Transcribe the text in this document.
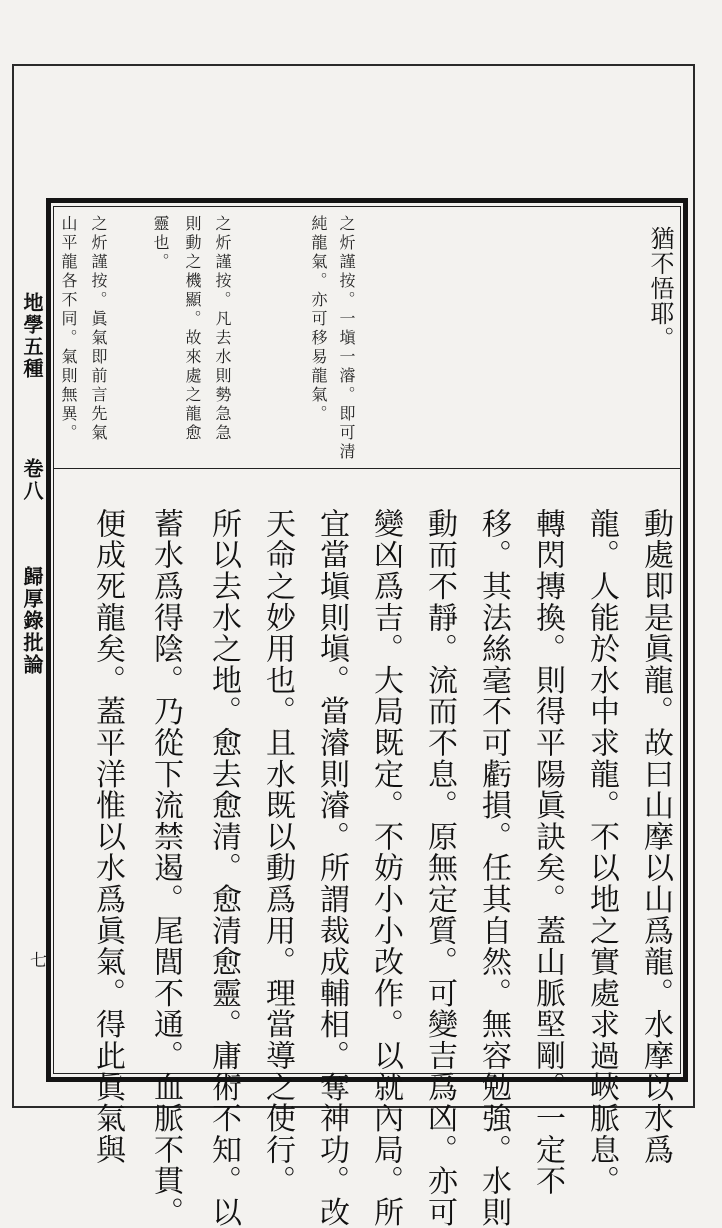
地學五種
卷八
歸厚錄批論
七
猶不悟耶。
之炘謹按。一塡一濬。即可清
純龍氣。亦可移易龍氣。
之炘謹按。凡去水則勢急急
則動之機顯。故來處之龍愈
靈也。
之炘謹按。眞氣即前言先氣
山平龍各不同。氣則無異。
動處即是眞龍。故曰山摩以山爲龍。水摩以水爲
龍。人能於水中求龍。不以地之實處求過峽脈息。
轉閃摶換。則得平陽眞訣矣。蓋山脈堅剛。一定不
移。其法絲毫不可虧損。任其自然。無容勉強。水則
動而不靜。流而不息。原無定質。可變吉爲凶。亦可
變凶爲吉。大局既定。不妨小小改作。以就內局。所
宜當塡則塡。當濬則濬。所謂裁成輔相。奪神功。改
天命之妙用也。且水既以動爲用。理當導之使行。
所以去水之地。愈去愈清。愈清愈靈。庸術不知。以
蓄水爲得陰。乃從下流禁遏。尾閭不通。血脈不貫。
便成死龍矣。蓋平洋惟以水爲眞氣。得此眞氣與
